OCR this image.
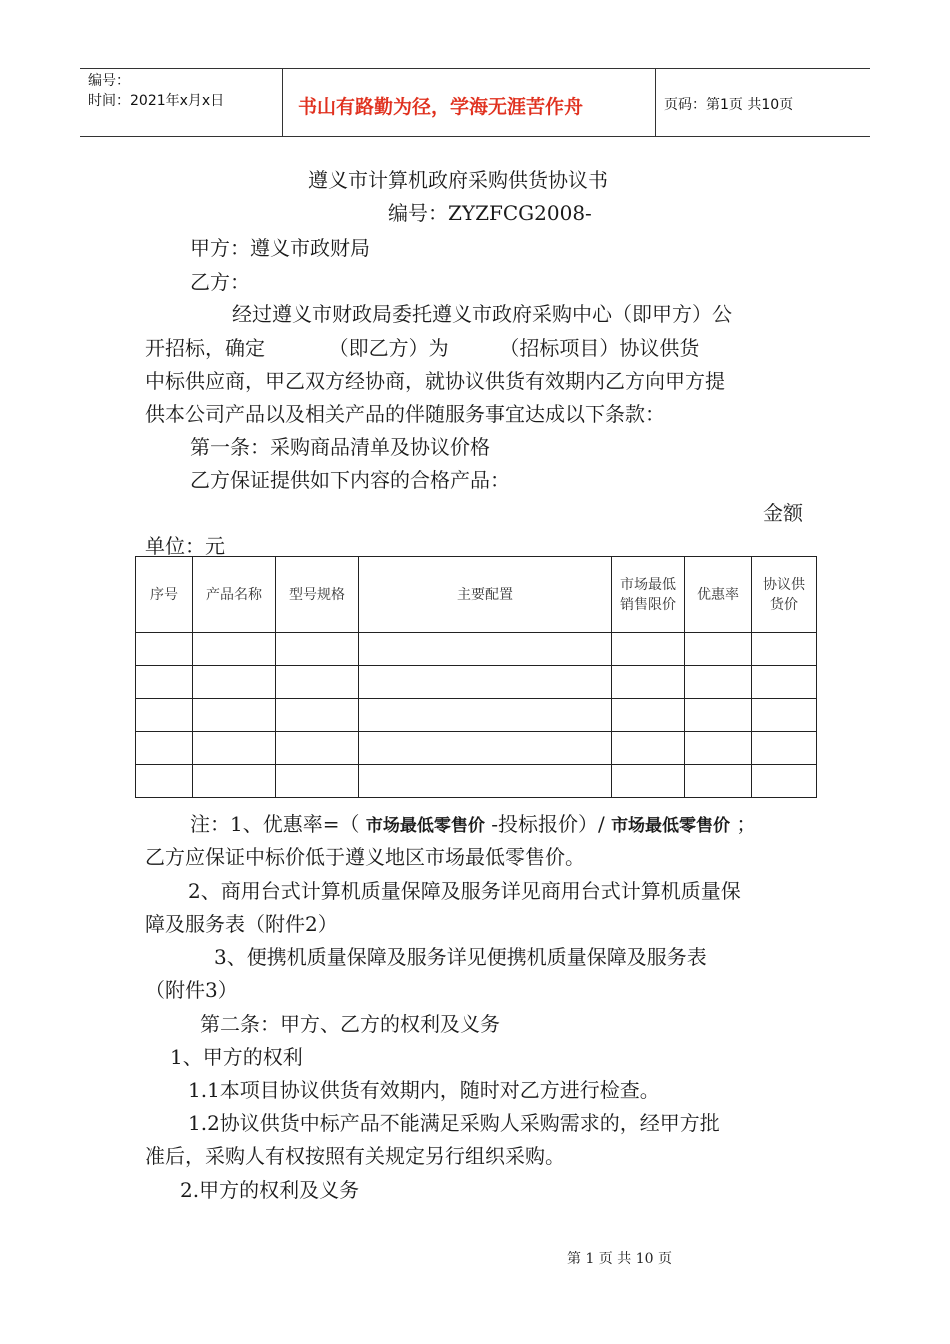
编号：
时间：2021年x月x日	书山有路勤为径，学海无涯苦作舟	页码：第1页 共10页
遵义市计算机政府采购供货协议书
编号：ZYZFCG2008-
甲方：遵义市政财局
乙方：
经过遵义市财政局委托遵义市政府采购中心（即甲方）公
开招标，确定          （即乙方）为        （招标项目）协议供货
中标供应商，甲乙双方经协商，就协议供货有效期内乙方向甲方提
供本公司产品以及相关产品的伴随服务事宜达成以下条款：
第一条：采购商品清单及协议价格
乙方保证提供如下内容的合格产品：
金额
单位：元
序号	产品名称	型号规格	主要配置	市场最低销售限价	优惠率	协议供货价

注：1、优惠率=（ 市场最低零售价 -投标报价）/ 市场最低零售价 ；
乙方应保证中标价低于遵义地区市场最低零售价。
2、商用台式计算机质量保障及服务详见商用台式计算机质量保
障及服务表（附件2）
3、便携机质量保障及服务详见便携机质量保障及服务表
（附件3）
第二条：甲方、乙方的权利及义务
1、甲方的权利
1.1本项目协议供货有效期内，随时对乙方进行检查。
1.2协议供货中标产品不能满足采购人采购需求的，经甲方批
准后，采购人有权按照有关规定另行组织采购。
2.甲方的权利及义务
第 1 页 共 10 页
